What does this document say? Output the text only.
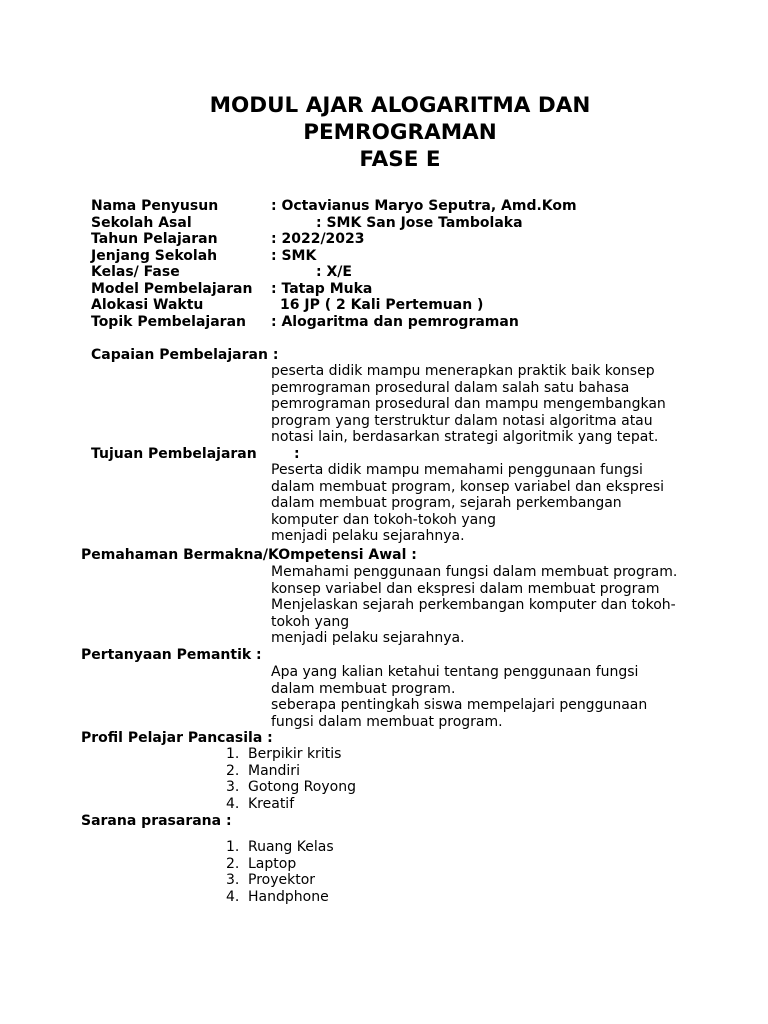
MODUL AJAR ALOGARITMA DAN
PEMROGRAMAN
FASE E
Nama Penyusun	: Octavianus Maryo Seputra, Amd.Kom
Sekolah Asal	: SMK San Jose Tambolaka
Tahun Pelajaran	: 2022/2023
Jenjang Sekolah	: SMK
Kelas/ Fase	: X/E
Model Pembelajaran : Tatap Muka
Alokasi Waktu	16 JP ( 2 Kali Pertemuan )
Topik Pembelajaran : Alogaritma dan pemrograman
Capaian Pembelajaran :
peserta didik mampu menerapkan praktik baik konsep
pemrograman prosedural dalam salah satu bahasa
pemrograman prosedural dan mampu mengembangkan
program yang terstruktur dalam notasi algoritma atau
notasi lain, berdasarkan strategi algoritmik yang tepat.
Tujuan Pembelajaran	:
Peserta didik mampu memahami penggunaan fungsi
dalam membuat program, konsep variabel dan ekspresi
dalam membuat program, sejarah perkembangan
komputer dan tokoh-tokoh yang
menjadi pelaku sejarahnya.
Pemahaman Bermakna/KOmpetensi Awal :
Memahami penggunaan fungsi dalam membuat program.
konsep variabel dan ekspresi dalam membuat program
Menjelaskan sejarah perkembangan komputer dan tokoh-
tokoh yang
menjadi pelaku sejarahnya.
Pertanyaan Pemantik :
Apa yang kalian ketahui tentang penggunaan fungsi
dalam membuat program.
seberapa pentingkah siswa mempelajari penggunaan
fungsi dalam membuat program.
Profil Pelajar Pancasila :
1. Berpikir kritis
2. Mandiri
3. Gotong Royong
4. Kreatif
Sarana prasarana :
1. Ruang Kelas
2. Laptop
3. Proyektor
4. Handphone
